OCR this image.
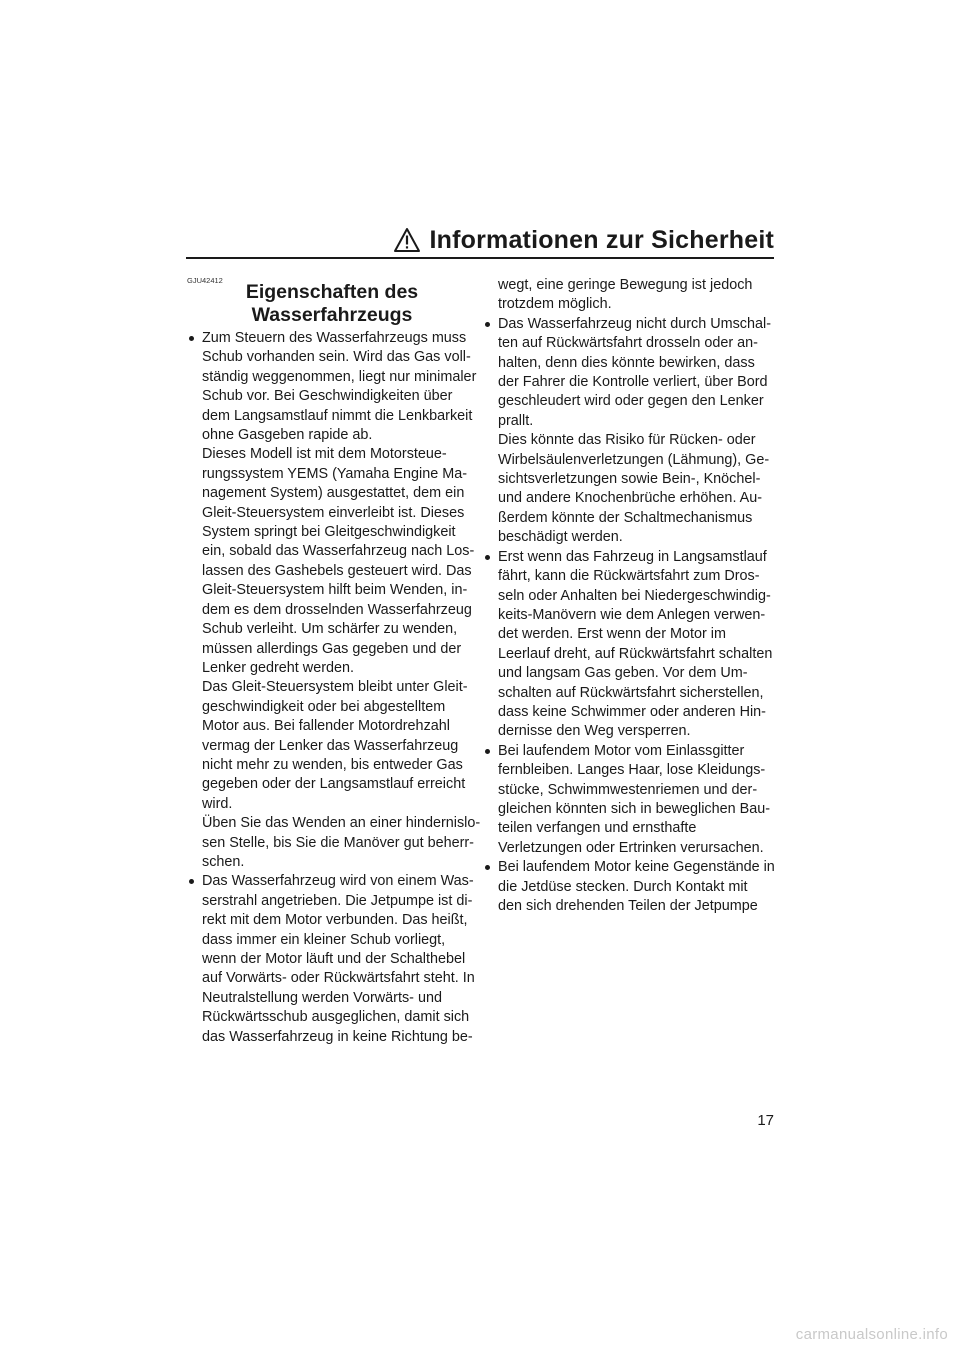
Informationen zur Sicherheit
GJU42412
Eigenschaften des
Wasserfahrzeugs
Zum Steuern des Wasserfahrzeugs muss
Schub vorhanden sein. Wird das Gas voll-
ständig weggenommen, liegt nur minimaler
Schub vor. Bei Geschwindigkeiten über
dem Langsamstlauf nimmt die Lenkbarkeit
ohne Gasgeben rapide ab.
Dieses Modell ist mit dem Motorsteue-
rungssystem YEMS (Yamaha Engine Ma-
nagement System) ausgestattet, dem ein
Gleit-Steuersystem einverleibt ist. Dieses
System springt bei Gleitgeschwindigkeit
ein, sobald das Wasserfahrzeug nach Los-
lassen des Gashebels gesteuert wird. Das
Gleit-Steuersystem hilft beim Wenden, in-
dem es dem drosselnden Wasserfahrzeug
Schub verleiht. Um schärfer zu wenden,
müssen allerdings Gas gegeben und der
Lenker gedreht werden.
Das Gleit-Steuersystem bleibt unter Gleit-
geschwindigkeit oder bei abgestelltem
Motor aus. Bei fallender Motordrehzahl
vermag der Lenker das Wasserfahrzeug
nicht mehr zu wenden, bis entweder Gas
gegeben oder der Langsamstlauf erreicht
wird.
Üben Sie das Wenden an einer hindernislo-
sen Stelle, bis Sie die Manöver gut beherr-
schen.
Das Wasserfahrzeug wird von einem Was-
serstrahl angetrieben. Die Jetpumpe ist di-
rekt mit dem Motor verbunden. Das heißt,
dass immer ein kleiner Schub vorliegt,
wenn der Motor läuft und der Schalthebel
auf Vorwärts- oder Rückwärtsfahrt steht. In
Neutralstellung werden Vorwärts- und
Rückwärtsschub ausgeglichen, damit sich
das Wasserfahrzeug in keine Richtung be-
wegt, eine geringe Bewegung ist jedoch
trotzdem möglich.
Das Wasserfahrzeug nicht durch Umschal-
ten auf Rückwärtsfahrt drosseln oder an-
halten, denn dies könnte bewirken, dass
der Fahrer die Kontrolle verliert, über Bord
geschleudert wird oder gegen den Lenker
prallt.
Dies könnte das Risiko für Rücken- oder
Wirbelsäulenverletzungen (Lähmung), Ge-
sichtsverletzungen sowie Bein-, Knöchel-
und andere Knochenbrüche erhöhen. Au-
ßerdem könnte der Schaltmechanismus
beschädigt werden.
Erst wenn das Fahrzeug in Langsamstlauf
fährt, kann die Rückwärtsfahrt zum Dros-
seln oder Anhalten bei Niedergeschwindig-
keits-Manövern wie dem Anlegen verwen-
det werden. Erst wenn der Motor im
Leerlauf dreht, auf Rückwärtsfahrt schalten
und langsam Gas geben. Vor dem Um-
schalten auf Rückwärtsfahrt sicherstellen,
dass keine Schwimmer oder anderen Hin-
dernisse den Weg versperren.
Bei laufendem Motor vom Einlassgitter
fernbleiben. Langes Haar, lose Kleidungs-
stücke, Schwimmwestenriemen und der-
gleichen könnten sich in beweglichen Bau-
teilen verfangen und ernsthafte
Verletzungen oder Ertrinken verursachen.
Bei laufendem Motor keine Gegenstände in
die Jetdüse stecken. Durch Kontakt mit
den sich drehenden Teilen der Jetpumpe
17
carmanualsonline.info
